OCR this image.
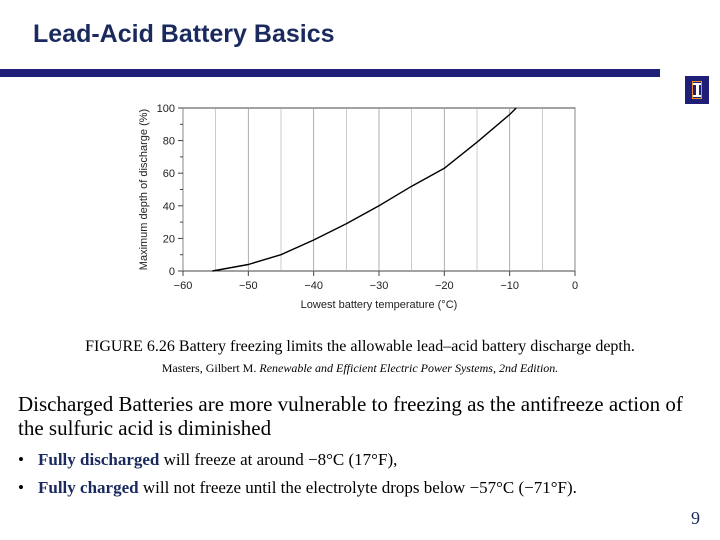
Lead-Acid Battery Basics
0
20
40
60
80
100
−60	−50	−40	−30	−20	−10	0
Lowest battery temperature (°C)
Maximum depth of discharge (%)
FIGURE 6.26 Battery freezing limits the allowable lead–acid battery discharge depth.
Masters, Gilbert M. Renewable and Efficient Electric Power Systems, 2nd Edition.
Discharged Batteries are more vulnerable to freezing as the antifreeze action of the sulfuric acid is diminished
• Fully discharged will freeze at around −8°C (17°F),
• Fully charged will not freeze until the electrolyte drops below −57°C (−71°F).
9
